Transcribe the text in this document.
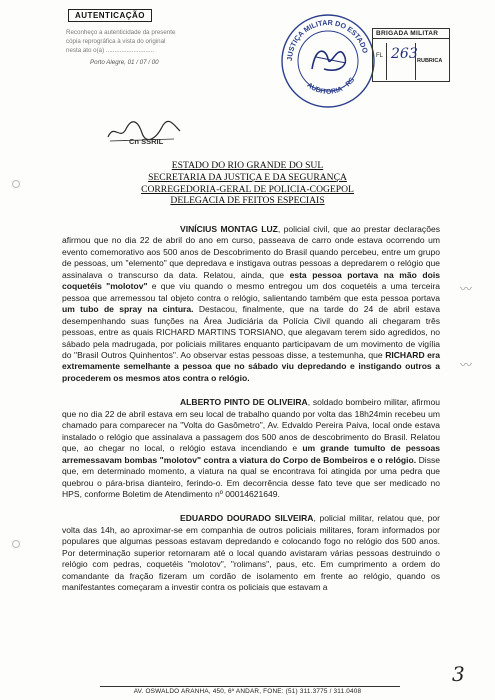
AUTENTICAÇÃO
Reconheço a autenticidade da presente
cópia reprográfica à vista do original
nesta ato o(a) ............................
Porto Alegre, 01 / 07 / 00
Cn SSRIL
JUSTIÇA MILITAR DO ESTADO
AUDITORIA · RS
BRIGADA MILITAR
FL 263 RUBRICA
ESTADO DO RIO GRANDE DO SUL
SECRETARIA DA JUSTIÇA E DA SEGURANÇA
CORREGEDORIA-GERAL DE POLICIA-COGEPOL
DELEGACIA DE FEITOS ESPECIAIS

VINÍCIUS MONTAG LUZ, policial civil, que ao prestar declarações afirmou que no dia 22 de abril do ano em curso, passeava de carro onde estava ocorrendo um evento comemorativo aos 500 anos de Descobrimento do Brasil quando percebeu, entre um grupo de pessoas, um "elemento" que depredava e instigava outras pessoas a depredarem o relógio que assinalava o transcurso da data. Relatou, ainda, que esta pessoa portava na mão dois coquetéis "molotov" e que viu quando o mesmo entregou um dos coquetéis a uma terceira pessoa que arremessou tal objeto contra o relógio, salientando também que esta pessoa portava um tubo de spray na cintura. Destacou, finalmente, que na tarde do 24 de abril estava desempenhando suas funções na Área Judiciária da Polícia Civil quando ali chegaram três pessoas, entre as quais RICHARD MARTINS TORSIANO, que alegavam terem sido agredidos, no sábado pela madrugada, por policiais militares enquanto participavam de um movimento de vigília do "Brasil Outros Quinhentos". Ao observar estas pessoas disse, a testemunha, que RICHARD era extremamente semelhante a pessoa que no sábado viu depredando e instigando outros a procederem os mesmos atos contra o relógio.

ALBERTO PINTO DE OLIVEIRA, soldado bombeiro militar, afirmou que no dia 22 de abril estava em seu local de trabalho quando por volta das 18h24min recebeu um chamado para comparecer na "Volta do Gasômetro", Av. Edvaldo Pereira Paiva, local onde estava instalado o relógio que assinalava a passagem dos 500 anos de descobrimento do Brasil. Relatou que, ao chegar no local, o relógio estava incendiando e um grande tumulto de pessoas arremessavam bombas "molotov" contra a viatura do Corpo de Bombeiros e o relógio. Disse que, em determinado momento, a viatura na qual se encontrava foi atingida por uma pedra que quebrou o pára-brisa dianteiro, ferindo-o. Em decorrência desse fato teve que ser medicado no HPS, conforme Boletim de Atendimento nº 00014621649.

EDUARDO DOURADO SILVEIRA, policial militar, relatou que, por volta das 14h, ao aproximar-se em companhia de outros policiais militares, foram informados por populares que algumas pessoas estavam depredando e colocando fogo no relógio dos 500 anos. Por determinação superior retornaram até o local quando avistaram várias pessoas destruindo o relógio com pedras, coquetéis "molotov", "rolimans", paus, etc. Em cumprimento a ordem do comandante da fração fizeram um cordão de isolamento em frente ao relógio, quando os manifestantes começaram a investir contra os policiais que estavam a

〰
〰
AV. OSWALDO ARANHA, 450, 6º ANDAR, FONE: (51) 311.3775 / 311.0408
3
